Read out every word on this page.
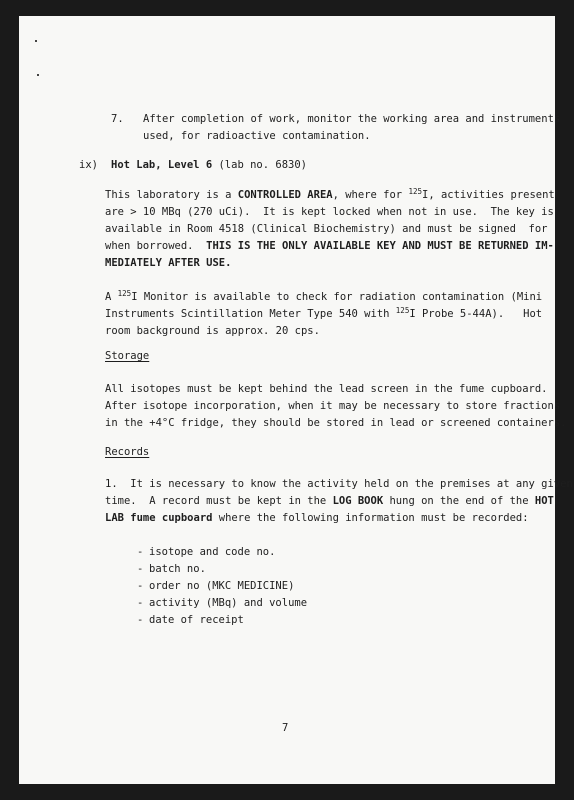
7. After completion of work, monitor the working area and instruments
used, for radioactive contamination.
ix) Hot Lab, Level 6 (lab no. 6830)
This laboratory is a CONTROLLED AREA, where for $^{125}$I, activities present
are > 10 MBq (270 uCi).  It is kept locked when not in use.  The key is
available in Room 4518 (Clinical Biochemistry) and must be signed  for
when borrowed.  THIS IS THE ONLY AVAILABLE KEY AND MUST BE RETURNED IM-
MEDIATELY AFTER USE.
A $^{125}$I Monitor is available to check for radiation contamination (Mini
Instruments Scintillation Meter Type 540 with $^{125}$I Probe 5-44A).   Hot
room background is approx. 20 cps.
Storage
All isotopes must be kept behind the lead screen in the fume cupboard.
After isotope incorporation, when it may be necessary to store fractions
in the +4°C fridge, they should be stored in lead or screened containers.
Records
1.  It is necessary to know the activity held on the premises at any given
time.  A record must be kept in the LOG BOOK hung on the end of the HOT
LAB fume cupboard where the following information must be recorded:
- isotope and code no.
- batch no.
- order no (MKC MEDICINE)
- activity (MBq) and volume
- date of receipt
7
